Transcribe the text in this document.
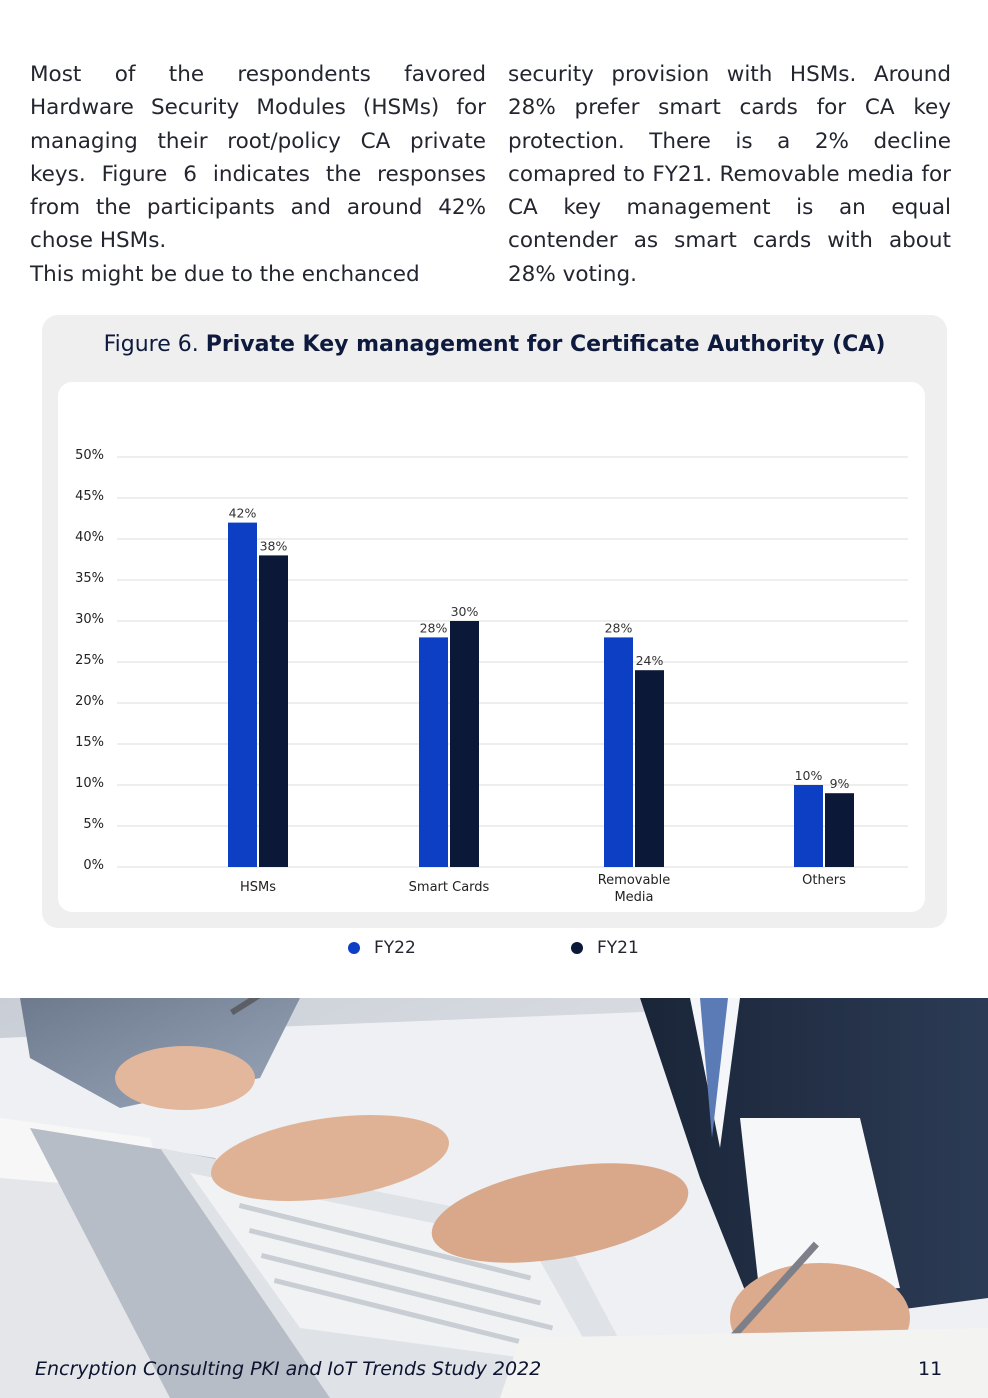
Most of the respondents favored Hardware Security Modules (HSMs) for managing their root/policy CA private keys. Figure 6 indicates the responses from the participants and around 42% chose HSMs.

This might be due to the enchanced

security provision with HSMs. Around 28% prefer smart cards for CA key protection. There is a 2% decline comapred to FY21. Removable media for CA key management is an equal contender as smart cards with about 28% voting.

Figure 6. Private Key management for Certificate Authority (CA)
0%
5%
10%
15%
20%
25%
30%
35%
40%
45%
50%
42%
38%
28%
30%
28%
24%
10%
9%
HSMs	Smart Cards	Removable
Media
Others
FY22	FY21
Encryption Consulting PKI and IoT Trends Study 2022	11
